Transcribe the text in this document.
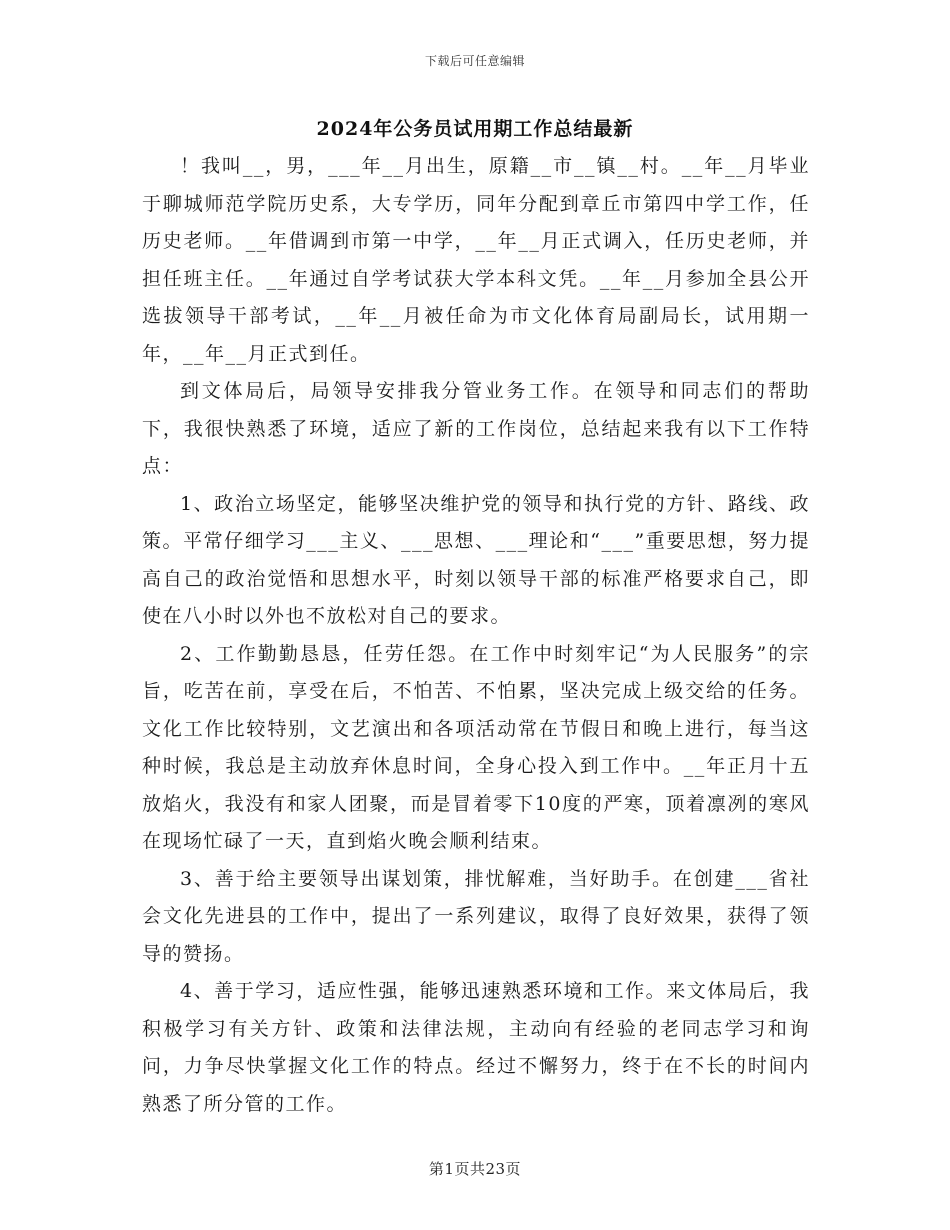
下载后可任意编辑
2024年公务员试用期工作总结最新

！我叫__，男，___年__月出生，原籍__市__镇__村。__年__月毕业于聊城师范学院历史系，大专学历，同年分配到章丘市第四中学工作，任历史老师。__年借调到市第一中学，__年__月正式调入，任历史老师，并担任班主任。__年通过自学考试获大学本科文凭。__年__月参加全县公开选拔领导干部考试，__年__月被任命为市文化体育局副局长，试用期一年，__年__月正式到任。

到文体局后，局领导安排我分管业务工作。在领导和同志们的帮助下，我很快熟悉了环境，适应了新的工作岗位，总结起来我有以下工作特点：

1、政治立场坚定，能够坚决维护党的领导和执行党的方针、路线、政策。平常仔细学习___主义、___思想、___理论和“___”重要思想，努力提高自己的政治觉悟和思想水平，时刻以领导干部的标准严格要求自己，即使在八小时以外也不放松对自己的要求。

2、工作勤勤恳恳，任劳任怨。在工作中时刻牢记“为人民服务”的宗旨，吃苦在前，享受在后，不怕苦、不怕累，坚决完成上级交给的任务。文化工作比较特别，文艺演出和各项活动常在节假日和晚上进行，每当这种时候，我总是主动放弃休息时间，全身心投入到工作中。__年正月十五放焰火，我没有和家人团聚，而是冒着零下10度的严寒，顶着凛冽的寒风在现场忙碌了一天，直到焰火晚会顺利结束。

3、善于给主要领导出谋划策，排忧解难，当好助手。在创建___省社会文化先进县的工作中，提出了一系列建议，取得了良好效果，获得了领导的赞扬。

4、善于学习，适应性强，能够迅速熟悉环境和工作。来文体局后，我积极学习有关方针、政策和法律法规，主动向有经验的老同志学习和询问，力争尽快掌握文化工作的特点。经过不懈努力，终于在不长的时间内熟悉了所分管的工作。

第1页共23页
